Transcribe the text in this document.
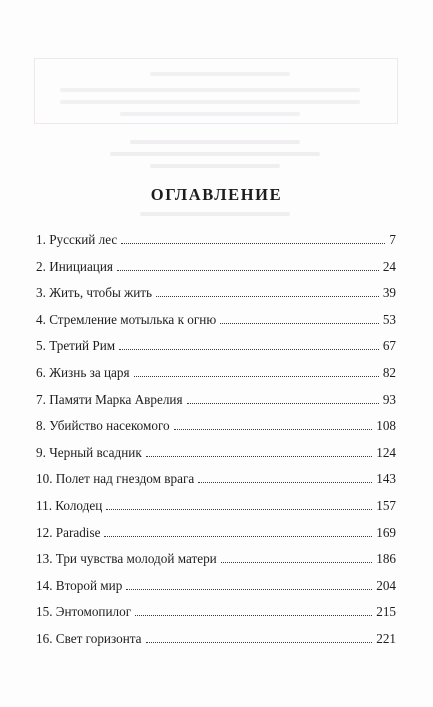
ОГЛАВЛЕНИЕ
1. Русский лес	7
2. Инициация	24
3. Жить, чтобы жить	39
4. Стремление мотылька к огню	53
5. Третий Рим	67
6. Жизнь за царя	82
7. Памяти Марка Аврелия	93
8. Убийство насекомого	108
9. Черный всадник	124
10. Полет над гнездом врага	143
11. Колодец	157
12. Paradise	169
13. Три чувства молодой матери	186
14. Второй мир	204
15. Энтомопилог	215
16. Свет горизонта	221
